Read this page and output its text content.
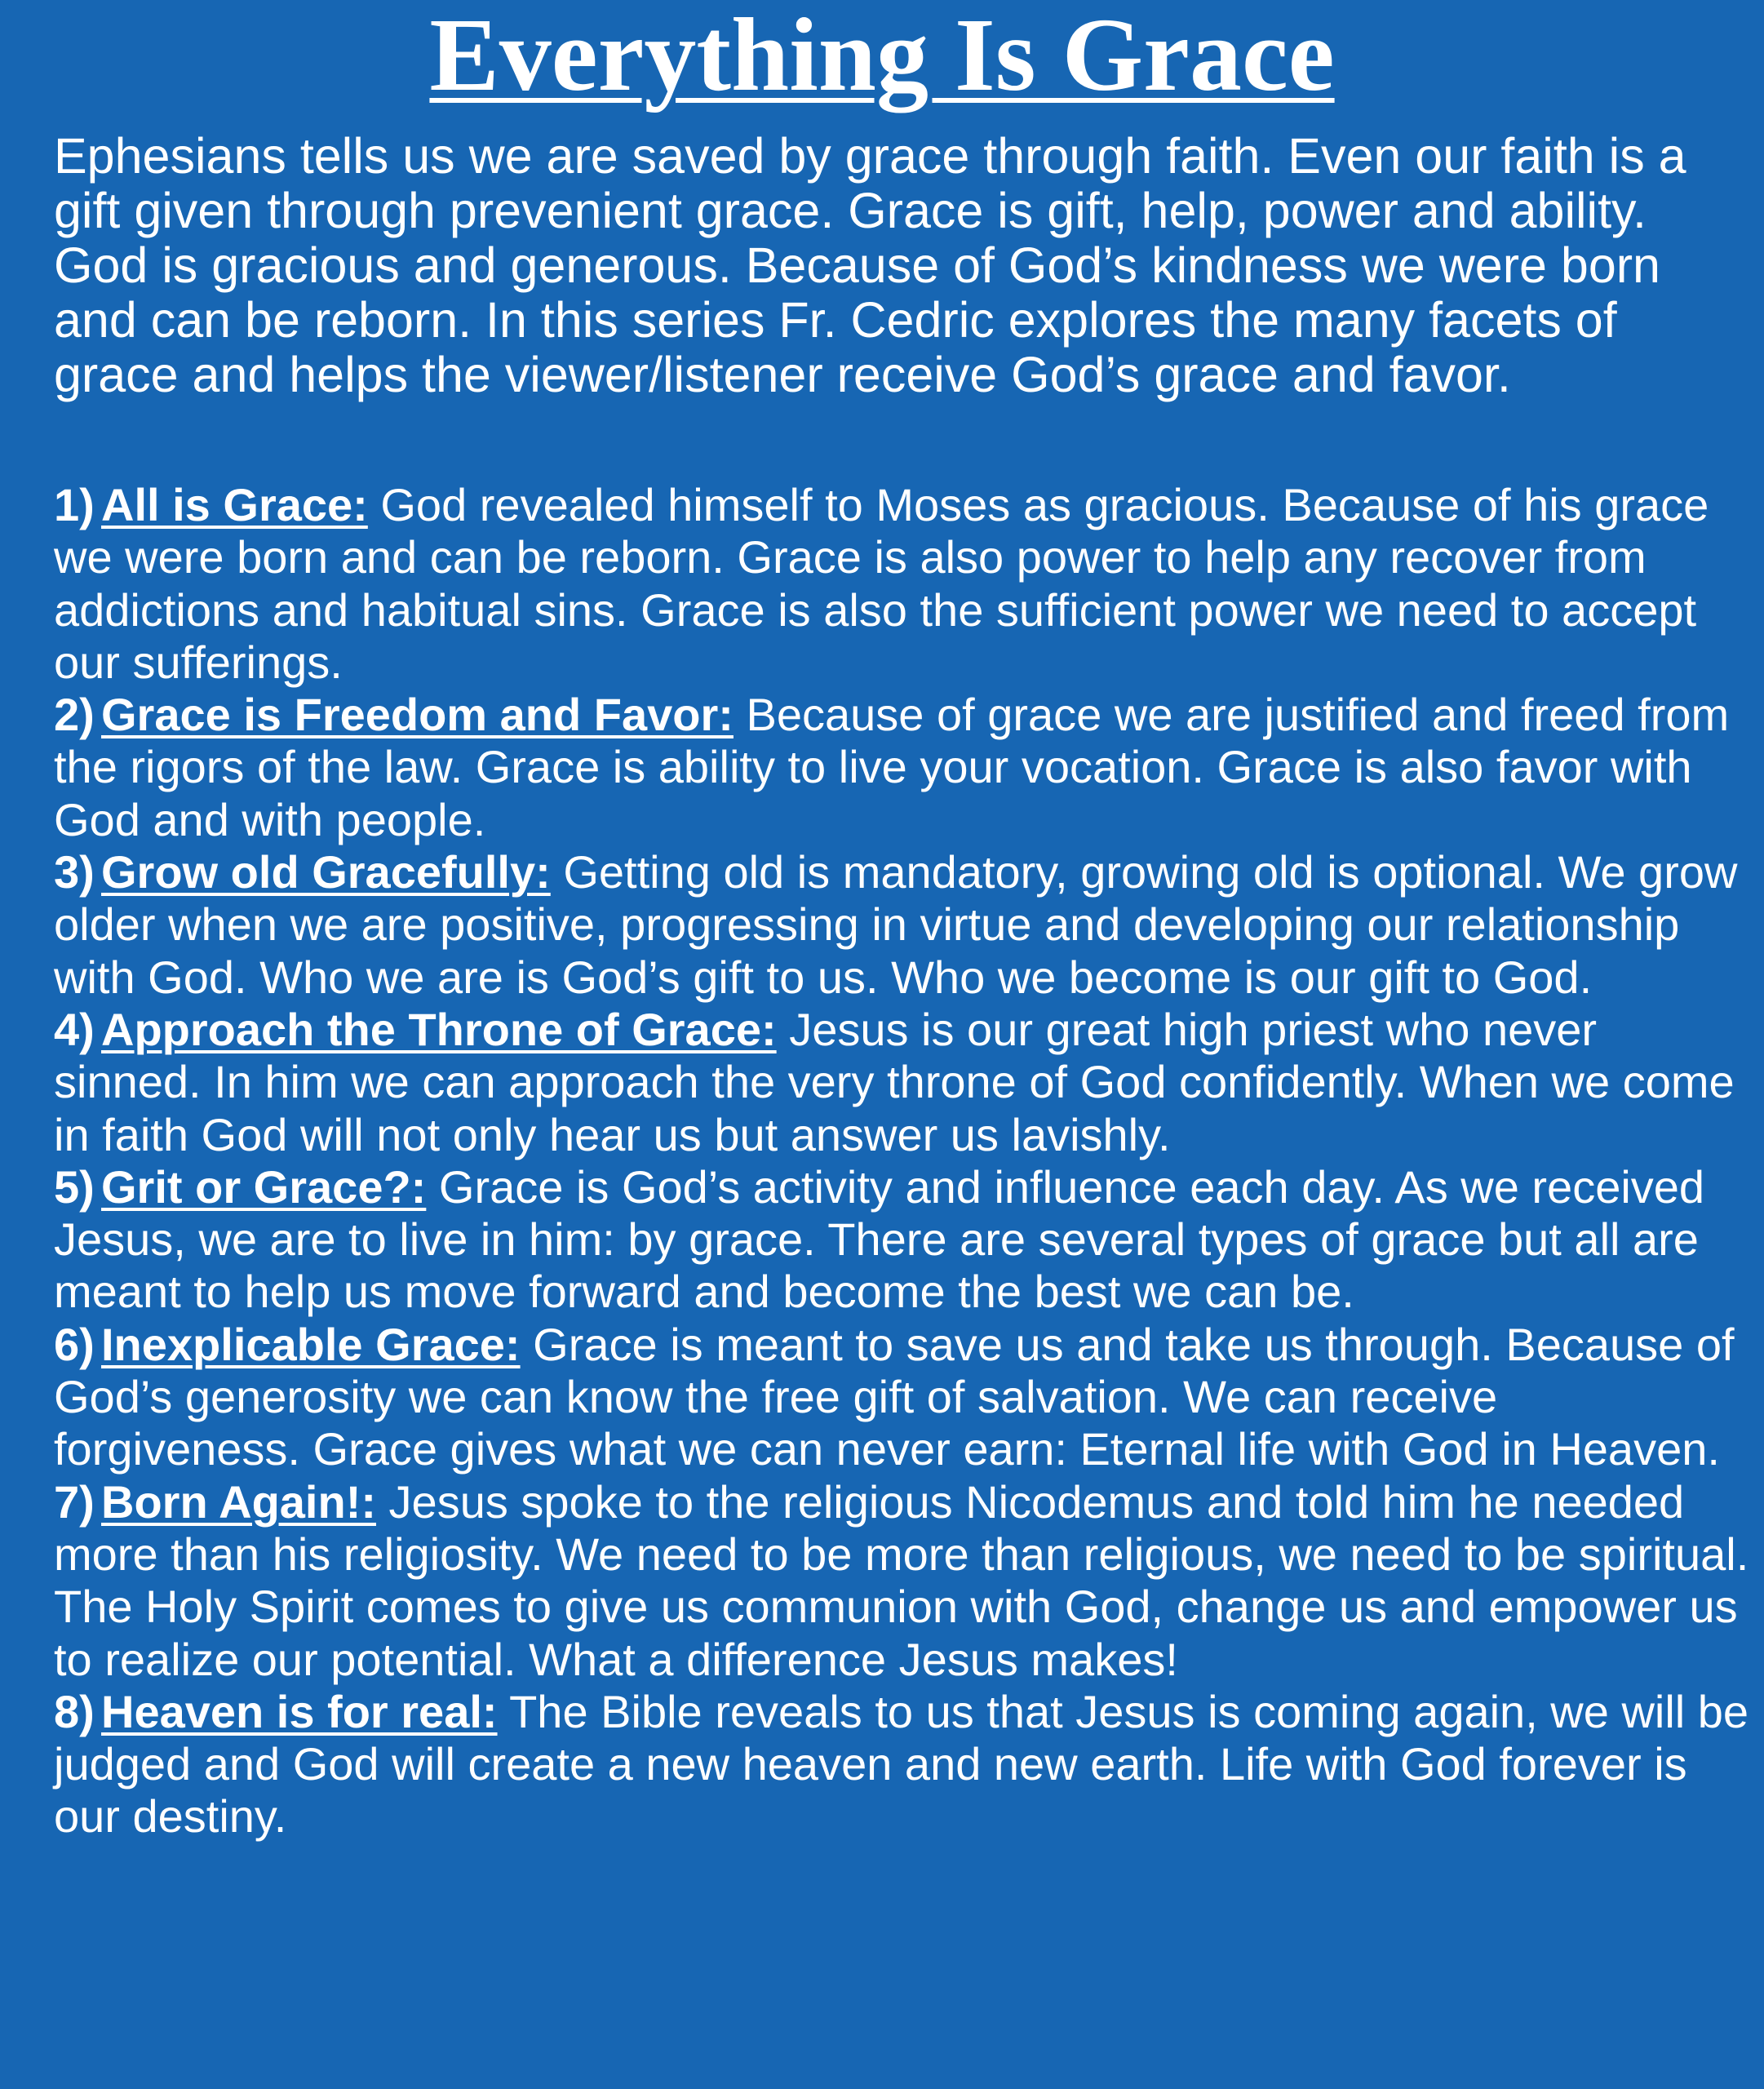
Everything Is Grace

Ephesians tells us we are saved by grace through faith. Even our faith is a gift given through prevenient grace. Grace is gift, help, power and ability. God is gracious and generous. Because of God’s kindness we were born and can be reborn. In this series Fr. Cedric explores the many facets of grace and helps the viewer/listener receive God’s grace and favor.

1) All is Grace: God revealed himself to Moses as gracious. Because of his grace we were born and can be reborn. Grace is also power to help any recover from addictions and habitual sins. Grace is also the sufficient power we need to accept our sufferings.
2) Grace is Freedom and Favor: Because of grace we are justified and freed from the rigors of the law. Grace is ability to live your vocation. Grace is also favor with God and with people.
3) Grow old Gracefully: Getting old is mandatory, growing old is optional. We grow older when we are positive, progressing in virtue and developing our relationship with God. Who we are is God’s gift to us. Who we become is our gift to God.
4) Approach the Throne of Grace: Jesus is our great high priest who never sinned. In him we can approach the very throne of God confidently. When we come in faith God will not only hear us but answer us lavishly.
5) Grit or Grace?: Grace is God’s activity and influence each day. As we received Jesus, we are to live in him: by grace. There are several types of grace but all are meant to help us move forward and become the best we can be.
6) Inexplicable Grace: Grace is meant to save us and take us through. Because of God’s generosity we can know the free gift of salvation. We can receive forgiveness. Grace gives what we can never earn: Eternal life with God in Heaven.
7) Born Again!: Jesus spoke to the religious Nicodemus and told him he needed more than his religiosity. We need to be more than religious, we need to be spiritual. The Holy Spirit comes to give us communion with God, change us and empower us to realize our potential. What a difference Jesus makes!
8) Heaven is for real: The Bible reveals to us that Jesus is coming again, we will be judged and God will create a new heaven and new earth. Life with God forever is our destiny.
